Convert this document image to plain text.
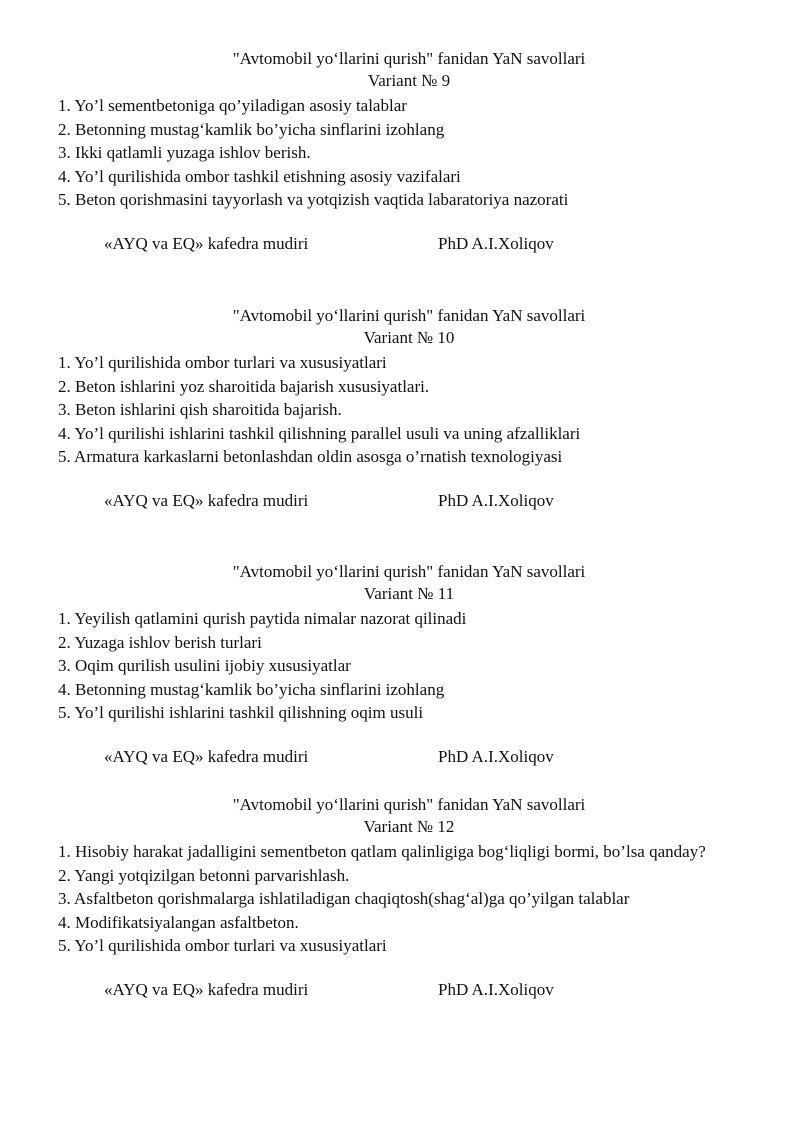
"Avtomobil yo‘llarini qurish" fanidan YaN savollari
Variant № 9
1. Yo’l sementbetoniga qo’yiladigan asosiy talablar
2. Betonning mustag‘kamlik bo’yicha sinflarini izohlang
3. Ikki qatlamli yuzaga ishlov berish.
4. Yo’l qurilishida ombor tashkil etishning asosiy vazifalari
5. Beton qorishmasini tayyorlash va yotqizish vaqtida labaratoriya nazorati
«AYQ va EQ» kafedra mudiri	PhD A.I.Xoliqov
"Avtomobil yo‘llarini qurish" fanidan YaN savollari
Variant № 10
1. Yo’l qurilishida ombor turlari va xususiyatlari
2. Beton ishlarini yoz sharoitida bajarish xususiyatlari.
3. Beton ishlarini qish sharoitida bajarish.
4. Yo’l qurilishi ishlarini tashkil qilishning parallel usuli va uning afzalliklari
5. Armatura karkaslarni betonlashdan oldin asosga o’rnatish texnologiyasi
«AYQ va EQ» kafedra mudiri	PhD A.I.Xoliqov
"Avtomobil yo‘llarini qurish" fanidan YaN savollari
Variant № 11
1. Yeyilish qatlamini qurish paytida nimalar nazorat qilinadi
2. Yuzaga ishlov berish turlari
3. Oqim qurilish usulini ijobiy xususiyatlar
4. Betonning mustag‘kamlik bo’yicha sinflarini izohlang
5. Yo’l qurilishi ishlarini tashkil qilishning oqim usuli
«AYQ va EQ» kafedra mudiri	PhD A.I.Xoliqov
"Avtomobil yo‘llarini qurish" fanidan YaN savollari
Variant № 12
1. Hisobiy harakat jadalligini sementbeton qatlam qalinligiga bog‘liqligi bormi, bo’lsa qanday?
2. Yangi yotqizilgan betonni parvarishlash.
3. Asfaltbeton qorishmalarga ishlatiladigan chaqiqtosh(shag‘al)ga qo’yilgan talablar
4. Modifikatsiyalangan asfaltbeton.
5. Yo’l qurilishida ombor turlari va xususiyatlari
«AYQ va EQ» kafedra mudiri	PhD A.I.Xoliqov
